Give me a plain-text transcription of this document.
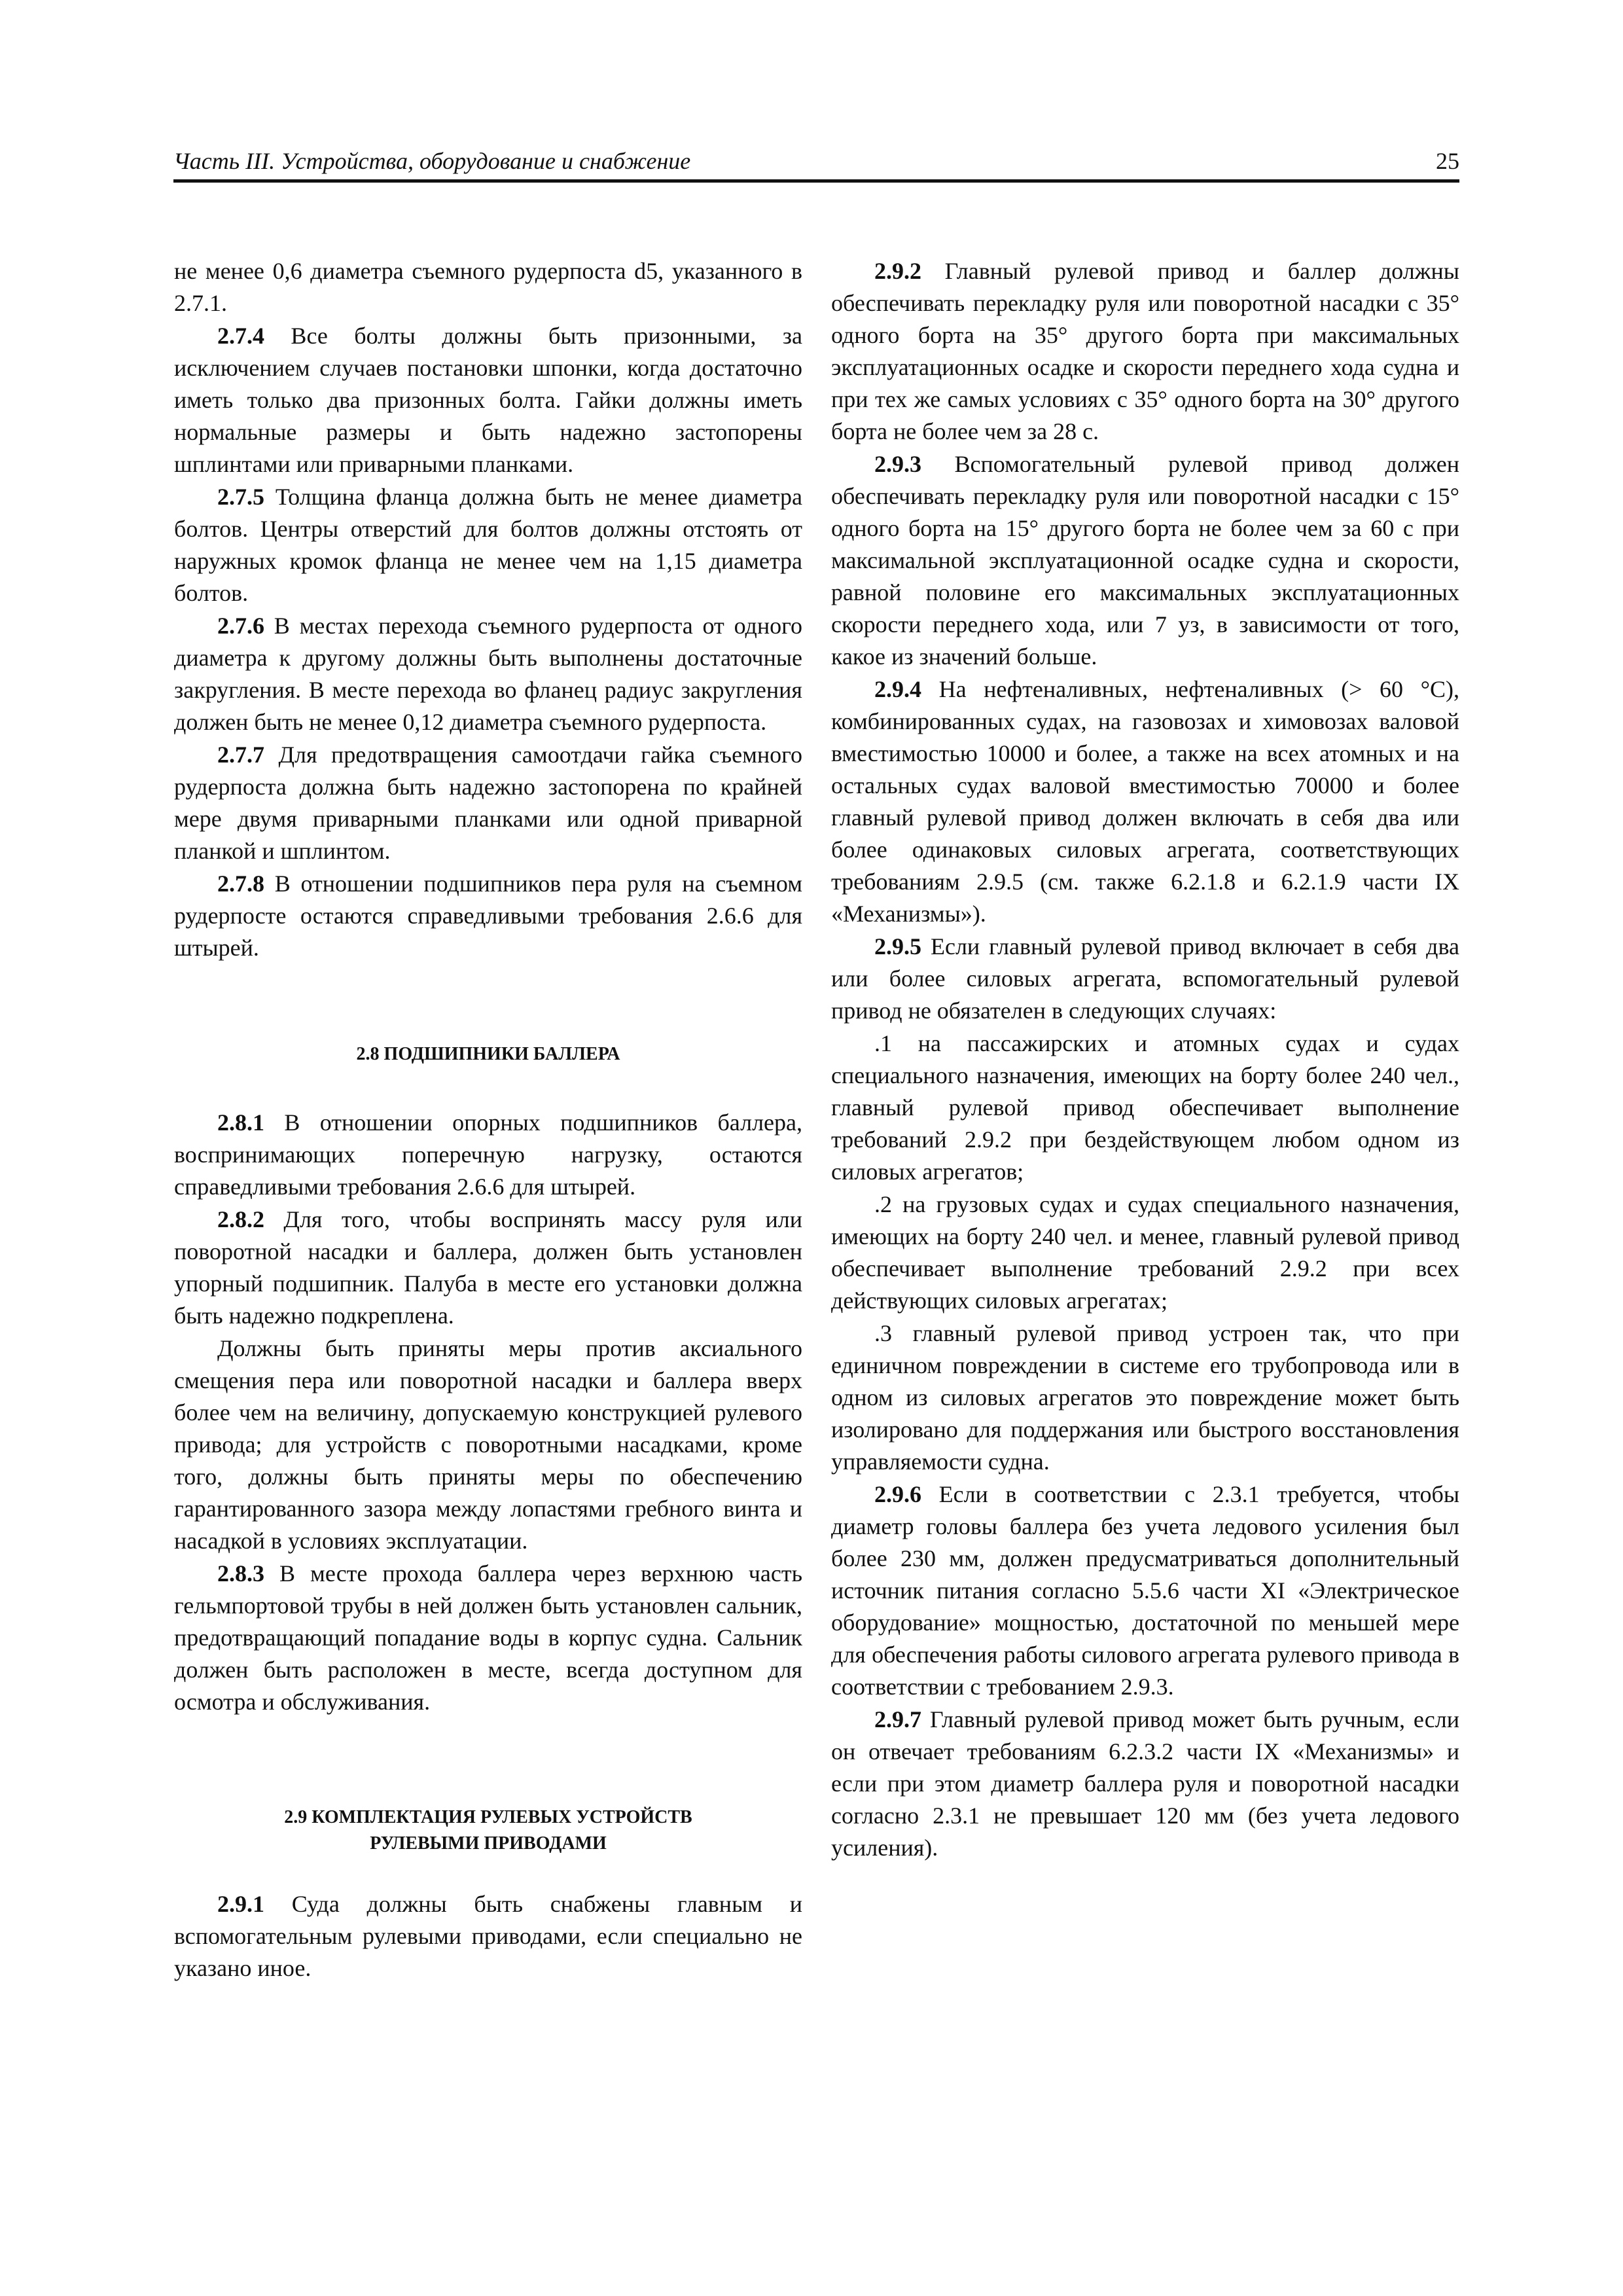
Часть III. Устройства, оборудование и снабжение	25

не менее 0,6 диаметра съемного рудерпоста d5, указанного в 2.7.1.

2.7.4 Все болты должны быть призонными, за исключением случаев постановки шпонки, когда достаточно иметь только два призонных болта. Гайки должны иметь нормальные размеры и быть надежно застопорены шплинтами или приварными планками.

2.7.5 Толщина фланца должна быть не менее диаметра болтов. Центры отверстий для болтов должны отстоять от наружных кромок фланца не менее чем на 1,15 диаметра болтов.

2.7.6 В местах перехода съемного рудерпоста от одного диаметра к другому должны быть выполнены достаточные закругления. В месте перехода во фланец радиус закругления должен быть не менее 0,12 диаметра съемного рудерпоста.

2.7.7 Для предотвращения самоотдачи гайка съемного рудерпоста должна быть надежно застопорена по крайней мере двумя приварными планками или одной приварной планкой и шплинтом.

2.7.8 В отношении подшипников пера руля на съемном рудерпосте остаются справедливыми требования 2.6.6 для штырей.

2.8 ПОДШИПНИКИ БАЛЛЕРА

2.8.1 В отношении опорных подшипников баллера, воспринимающих поперечную нагрузку, остаются справедливыми требования 2.6.6 для штырей.

2.8.2 Для того, чтобы воспринять массу руля или поворотной насадки и баллера, должен быть установлен упорный подшипник. Палуба в месте его установки должна быть надежно подкреплена.

Должны быть приняты меры против аксиального смещения пера или поворотной насадки и баллера вверх более чем на величину, допускаемую конструкцией рулевого привода; для устройств с поворотными насадками, кроме того, должны быть приняты меры по обеспечению гарантированного зазора между лопастями гребного винта и насадкой в условиях эксплуатации.

2.8.3 В месте прохода баллера через верхнюю часть гельмпортовой трубы в ней должен быть установлен сальник, предотвращающий попадание воды в корпус судна. Сальник должен быть расположен в месте, всегда доступном для осмотра и обслуживания.

2.9 КОМПЛЕКТАЦИЯ РУЛЕВЫХ УСТРОЙСТВ
РУЛЕВЫМИ ПРИВОДАМИ

2.9.1 Суда должны быть снабжены главным и вспомогательным рулевыми приводами, если специально не указано иное.

2.9.2 Главный рулевой привод и баллер должны обеспечивать перекладку руля или поворотной насадки с 35° одного борта на 35° другого борта при максимальных эксплуатационных осадке и скорости переднего хода судна и при тех же самых условиях с 35° одного борта на 30° другого борта не более чем за 28 с.

2.9.3 Вспомогательный рулевой привод должен обеспечивать перекладку руля или поворотной насадки с 15° одного борта на 15° другого борта не более чем за 60 с при максимальной эксплуатационной осадке судна и скорости, равной половине его максимальных эксплуатационных скорости переднего хода, или 7 уз, в зависимости от того, какое из значений больше.

2.9.4 На нефтеналивных, нефтеналивных (> 60 °С), комбинированных судах, на газовозах и химовозах валовой вместимостью 10000 и более, а также на всех атомных и на остальных судах валовой вместимостью 70000 и более главный рулевой привод должен включать в себя два или более одинаковых силовых агрегата, соответствующих требованиям 2.9.5 (см. также 6.2.1.8 и 6.2.1.9 части IX «Механизмы»).

2.9.5 Если главный рулевой привод включает в себя два или более силовых агрегата, вспомогательный рулевой привод не обязателен в следующих случаях:

.1 на пассажирских и атомных судах и судах специального назначения, имеющих на борту более 240 чел., главный рулевой привод обеспечивает выполнение требований 2.9.2 при бездействующем любом одном из силовых агрегатов;

.2 на грузовых судах и судах специального назначения, имеющих на борту 240 чел. и менее, главный рулевой привод обеспечивает выполнение требований 2.9.2 при всех действующих силовых агрегатах;

.3 главный рулевой привод устроен так, что при единичном повреждении в системе его трубопровода или в одном из силовых агрегатов это повреждение может быть изолировано для поддержания или быстрого восстановления управляемости судна.

2.9.6 Если в соответствии с 2.3.1 требуется, чтобы диаметр головы баллера без учета ледового усиления был более 230 мм, должен предусматриваться дополнительный источник питания согласно 5.5.6 части XI «Электрическое оборудование» мощностью, достаточной по меньшей мере для обеспечения работы силового агрегата рулевого привода в соответствии с требованием 2.9.3.

2.9.7 Главный рулевой привод может быть ручным, если он отвечает требованиям 6.2.3.2 части IX «Механизмы» и если при этом диаметр баллера руля и поворотной насадки согласно 2.3.1 не превышает 120 мм (без учета ледового усиления).
